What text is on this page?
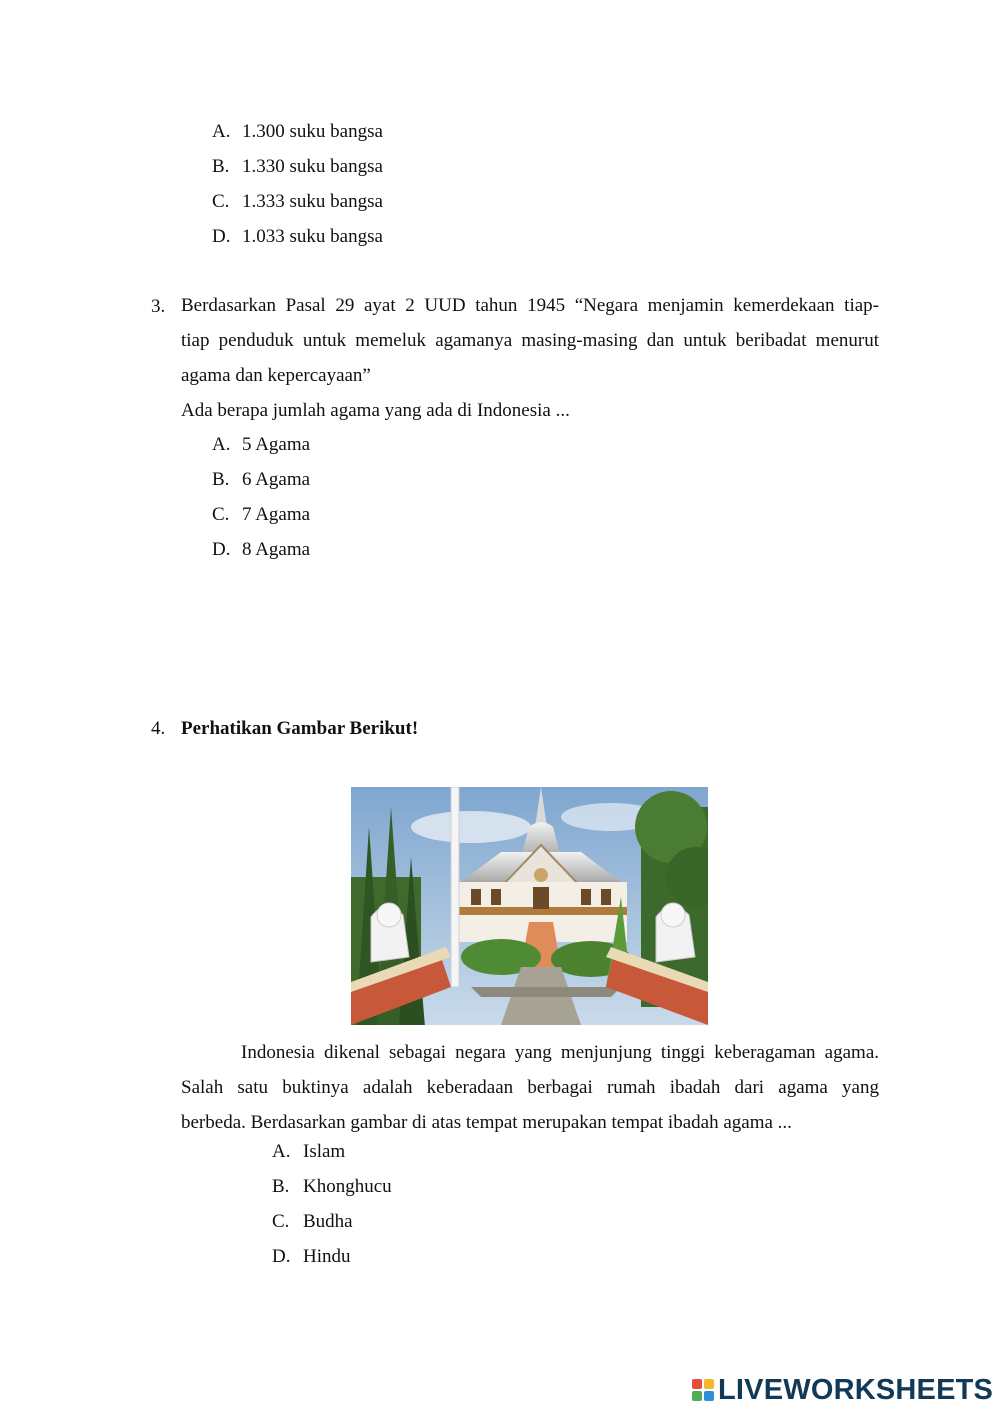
A. 1.300 suku bangsa
B. 1.330 suku bangsa
C. 1.333 suku bangsa
D. 1.033 suku bangsa
3. Berdasarkan Pasal 29 ayat 2 UUD tahun 1945 “Negara menjamin kemerdekaan tiap-
tiap penduduk untuk memeluk agamanya masing-masing dan untuk beribadat menurut
agama dan kepercayaan”
Ada berapa jumlah agama yang ada di Indonesia ...
A. 5 Agama
B. 6 Agama
C. 7 Agama
D. 8 Agama
4. Perhatikan Gambar Berikut!
Indonesia dikenal sebagai negara yang menjunjung tinggi keberagaman agama.
Salah satu buktinya adalah keberadaan berbagai rumah ibadah dari agama yang
berbeda. Berdasarkan gambar di atas tempat merupakan tempat ibadah agama ...
A. Islam
B. Khonghucu
C. Budha
D. Hindu
LIVEWORKSHEETS
